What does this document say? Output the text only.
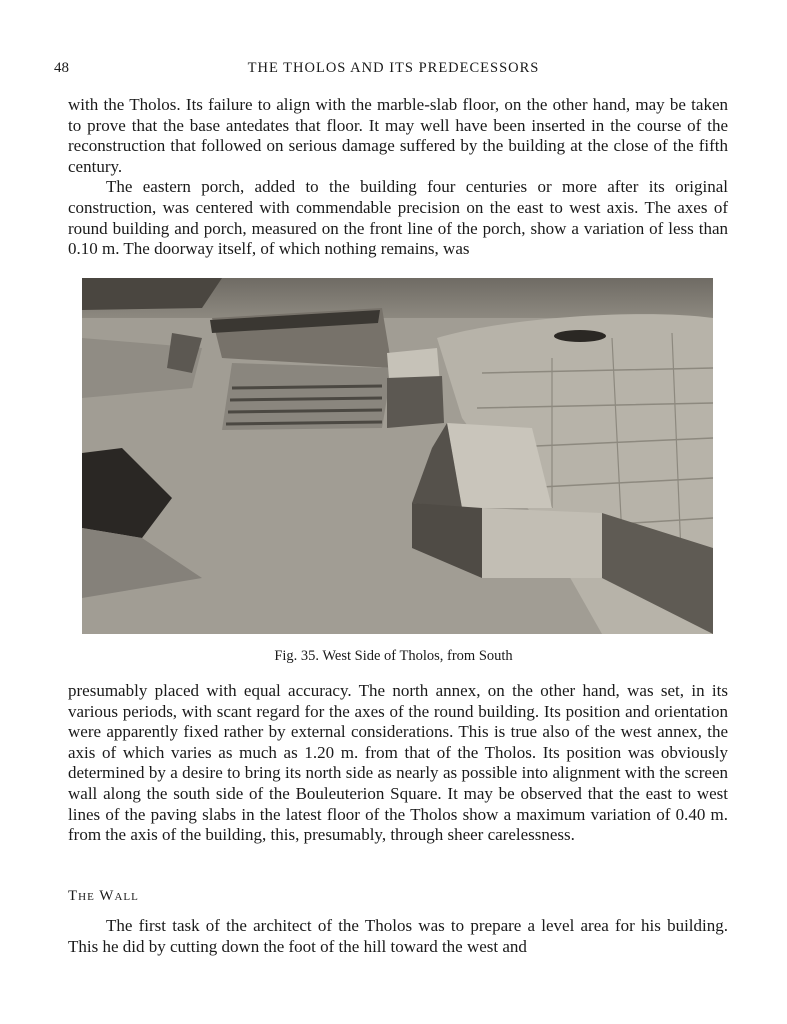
48	THE THOLOS AND ITS PREDECESSORS

with the Tholos. Its failure to align with the marble-slab floor, on the other hand, may be taken to prove that the base antedates that floor. It may well have been inserted in the course of the reconstruction that followed on serious damage suffered by the building at the close of the fifth century.

The eastern porch, added to the building four centuries or more after its original construction, was centered with commendable precision on the east to west axis. The axes of round building and porch, measured on the front line of the porch, show a variation of less than 0.10 m. The doorway itself, of which nothing remains, was

Fig. 35. West Side of Tholos, from South

presumably placed with equal accuracy. The north annex, on the other hand, was set, in its various periods, with scant regard for the axes of the round building. Its position and orientation were apparently fixed rather by external considerations. This is true also of the west annex, the axis of which varies as much as 1.20 m. from that of the Tholos. Its position was obviously determined by a desire to bring its north side as nearly as possible into alignment with the screen wall along the south side of the Bouleuterion Square. It may be observed that the east to west lines of the paving slabs in the latest floor of the Tholos show a maximum variation of 0.40 m. from the axis of the building, this, presumably, through sheer carelessness.

The Wall

The first task of the architect of the Tholos was to prepare a level area for his building. This he did by cutting down the foot of the hill toward the west and
